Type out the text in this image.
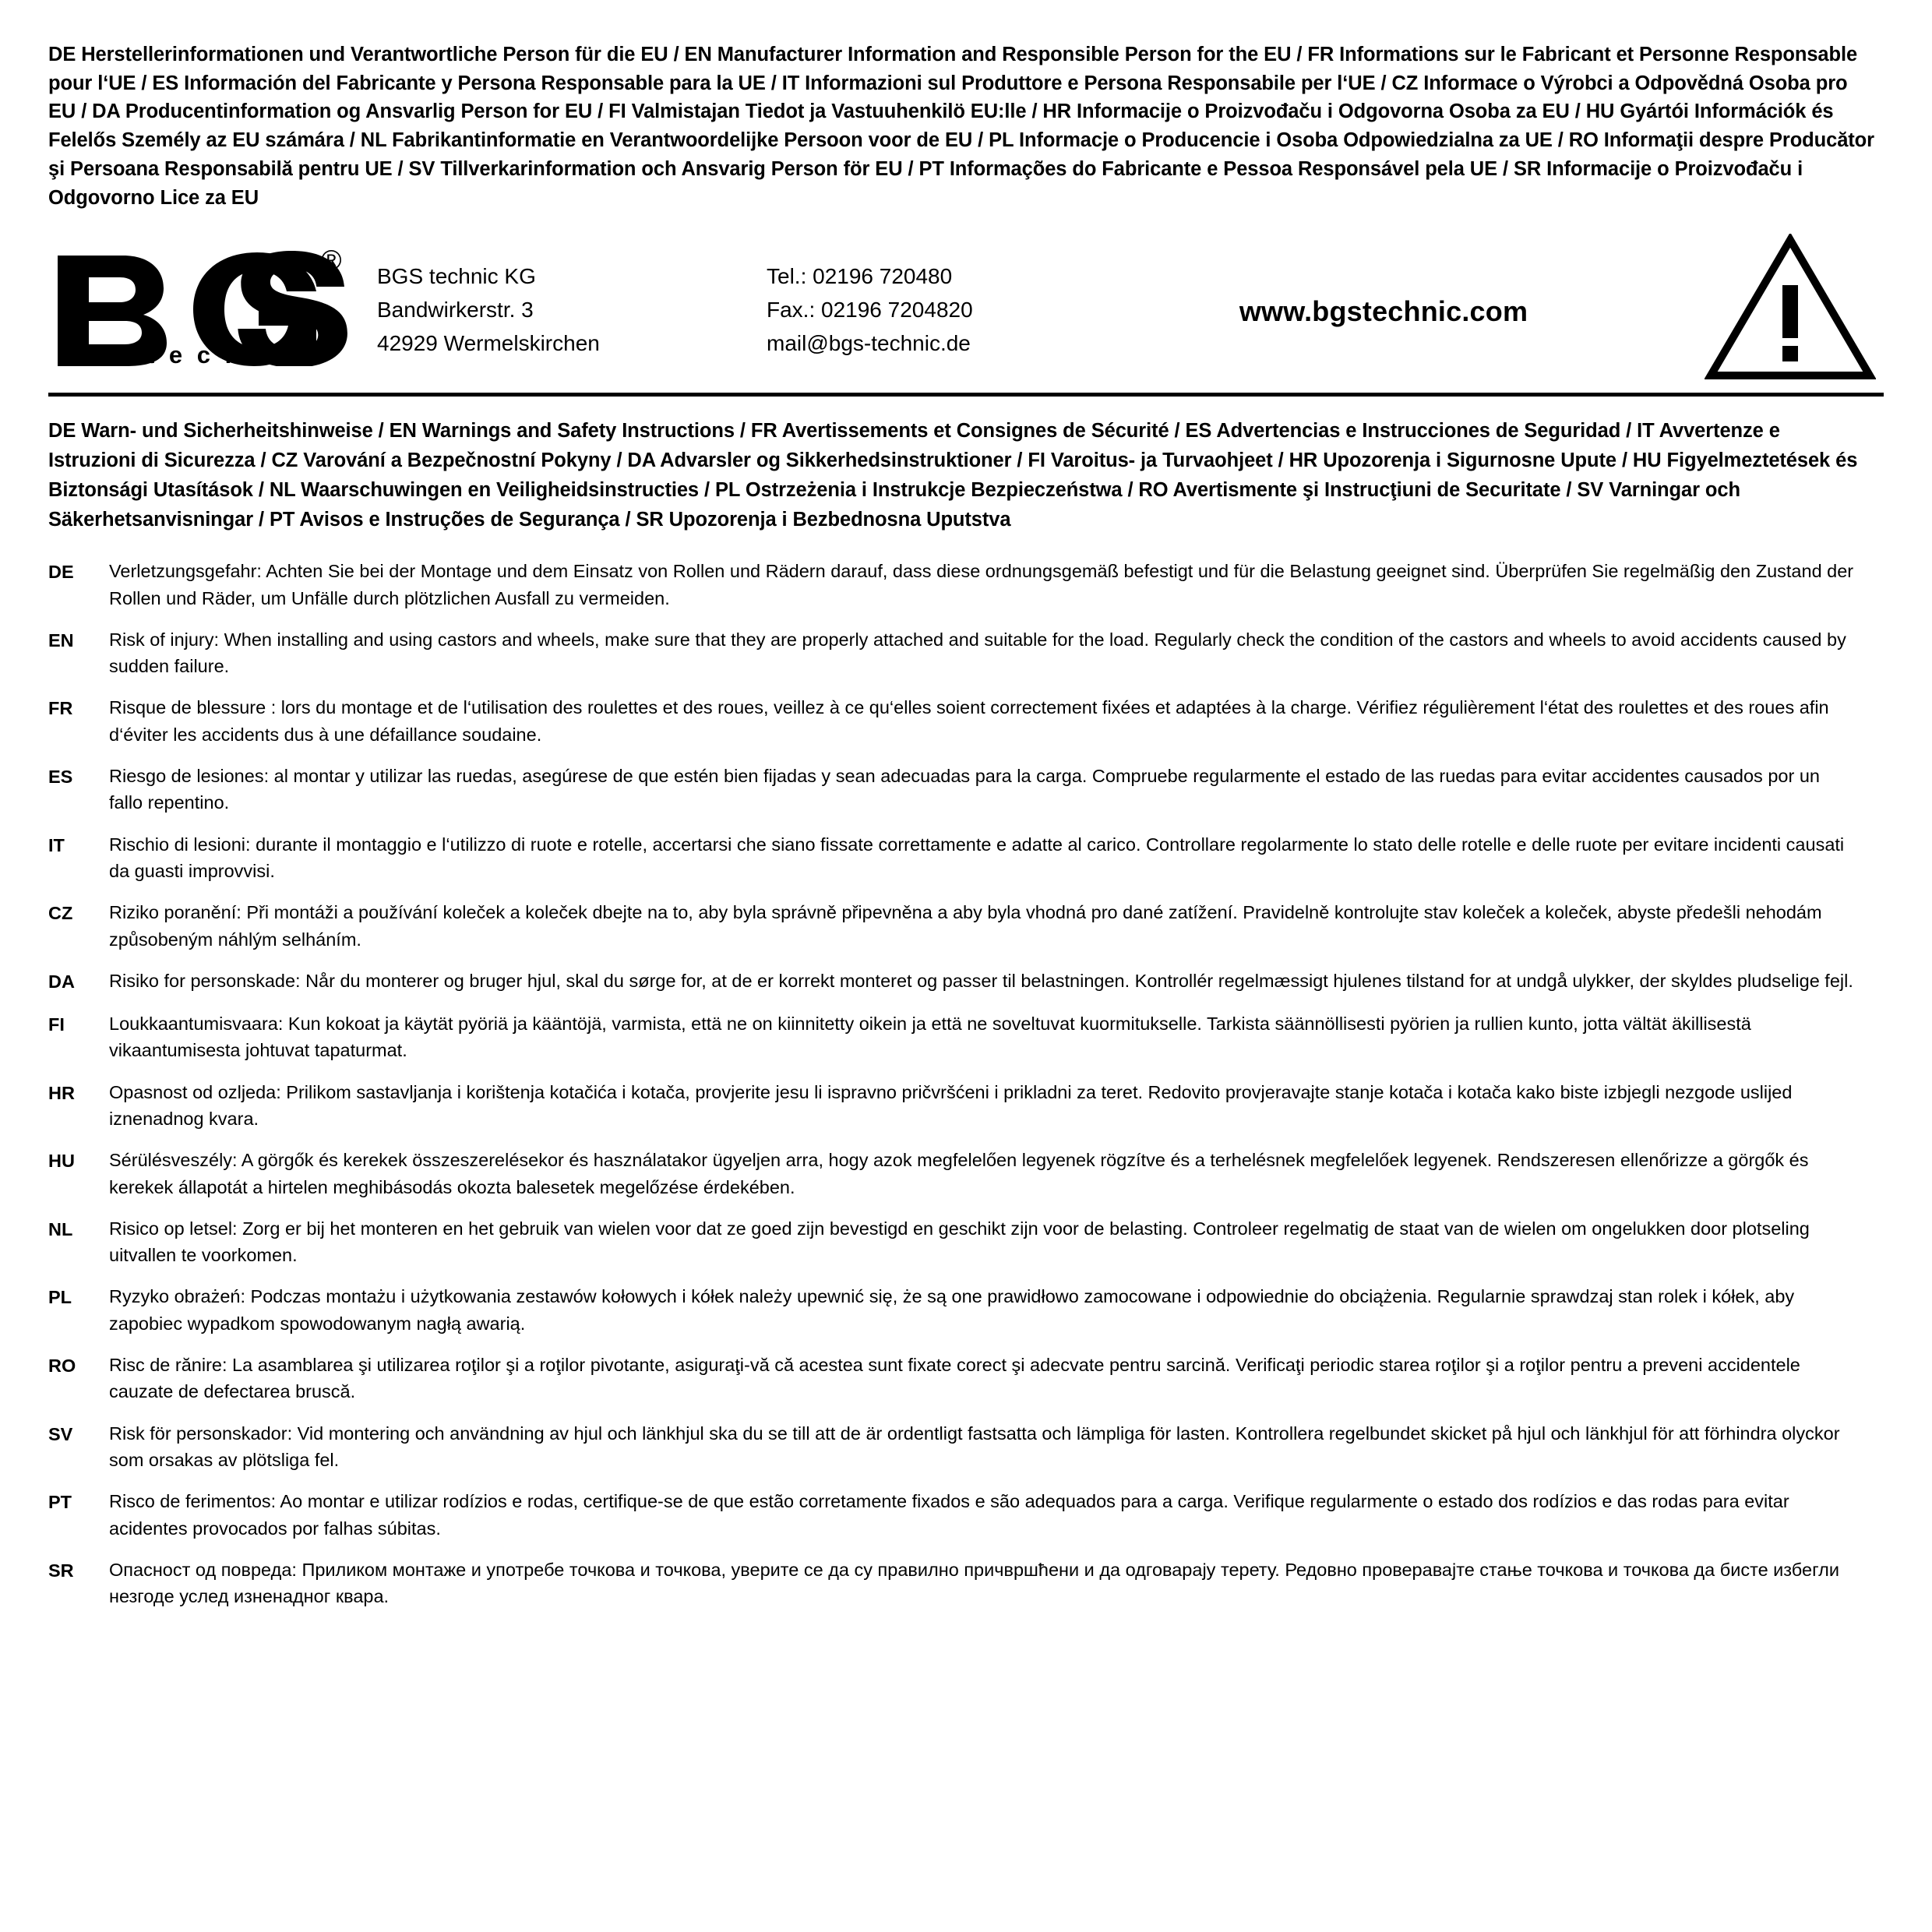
DE Herstellerinformationen und Verantwortliche Person für die EU / EN Manufacturer Information and Responsible Person for the EU / FR Informations sur le Fabricant et Personne Responsable pour l‘UE / ES Información del Fabricante y Persona Responsable para la UE / IT Informazioni sul Produttore e Persona Responsabile per l‘UE / CZ Informace o Výrobci a Odpovědná Osoba pro EU / DA Producentinformation og Ansvarlig Person for EU / FI Valmistajan Tiedot ja Vastuuhenkilö EU:lle / HR Informacije o Proizvođaču i Odgovorna Osoba za EU / HU Gyártói Információk és Felelős Személy az EU számára / NL Fabrikantinformatie en Verantwoordelijke Persoon voor de EU / PL Informacje o Producencie i Osoba Odpowiedzialna za UE / RO Informaţii despre Producător şi Persoana Responsabilă pentru UE / SV Tillverkarinformation och Ansvarig Person för EU / PT Informações do Fabricante e Pessoa Responsável pela UE / SR Informacije o Proizvođaču i Odgovorno Lice za EU
®
t e c h n i c
BGS technic KG
Bandwirkerstr. 3
42929 Wermelskirchen
Tel.: 02196 720480
Fax.: 02196 7204820
mail@bgs-technic.de
www.bgstechnic.com
DE Warn- und Sicherheitshinweise / EN Warnings and Safety Instructions / FR Avertissements et Consignes de Sécurité / ES Advertencias e Instrucciones de Seguridad / IT Avvertenze e Istruzioni di Sicurezza / CZ Varování a Bezpečnostní Pokyny / DA Advarsler og Sikkerhedsinstruktioner / FI Varoitus- ja Turvaohjeet / HR Upozorenja i Sigurnosne Upute / HU Figyelmeztetések és Biztonsági Utasítások / NL Waarschuwingen en Veiligheidsinstructies / PL Ostrzeżenia i Instrukcje Bezpieczeństwa / RO Avertismente şi Instrucţiuni de Securitate / SV Varningar och Säkerhetsanvisningar / PT Avisos e Instruções de Segurança / SR Upozorenja i Bezbednosna Uputstva
DE	Verletzungsgefahr: Achten Sie bei der Montage und dem Einsatz von Rollen und Rädern darauf, dass diese ordnungsgemäß befestigt und für die Belastung geeignet sind. Überprüfen Sie regelmäßig den Zustand der Rollen und Räder, um Unfälle durch plötzlichen Ausfall zu vermeiden.
EN	Risk of injury: When installing and using castors and wheels, make sure that they are properly attached and suitable for the load. Regularly check the condition of the castors and wheels to avoid accidents caused by sudden failure.
FR	Risque de blessure : lors du montage et de l‘utilisation des roulettes et des roues, veillez à ce qu‘elles soient correctement fixées et adaptées à la charge. Vérifiez régulièrement l‘état des roulettes et des roues afin d‘éviter les accidents dus à une défaillance soudaine.
ES	Riesgo de lesiones: al montar y utilizar las ruedas, asegúrese de que estén bien fijadas y sean adecuadas para la carga. Compruebe regularmente el estado de las ruedas para evitar accidentes causados por un fallo repentino.
IT	Rischio di lesioni: durante il montaggio e l‘utilizzo di ruote e rotelle, accertarsi che siano fissate correttamente e adatte al carico. Controllare regolarmente lo stato delle rotelle e delle ruote per evitare incidenti causati da guasti improvvisi.
CZ	Riziko poranění: Při montáži a používání koleček a koleček dbejte na to, aby byla správně připevněna a aby byla vhodná pro dané zatížení. Pravidelně kontrolujte stav koleček a koleček, abyste předešli nehodám způsobeným náhlým selháním.
DA	Risiko for personskade: Når du monterer og bruger hjul, skal du sørge for, at de er korrekt monteret og passer til belastningen. Kontrollér regelmæssigt hjulenes tilstand for at undgå ulykker, der skyldes pludselige fejl.
FI	Loukkaantumisvaara: Kun kokoat ja käytät pyöriä ja kääntöjä, varmista, että ne on kiinnitetty oikein ja että ne soveltuvat kuormitukselle. Tarkista säännöllisesti pyörien ja rullien kunto, jotta vältät äkillisestä vikaantumisesta johtuvat tapaturmat.
HR	Opasnost od ozljeda: Prilikom sastavljanja i korištenja kotačića i kotača, provjerite jesu li ispravno pričvršćeni i prikladni za teret. Redovito provjeravajte stanje kotača i kotača kako biste izbjegli nezgode uslijed iznenadnog kvara.
HU	Sérülésveszély: A görgők és kerekek összeszerelésekor és használatakor ügyeljen arra, hogy azok megfelelően legyenek rögzítve és a terhelésnek megfelelőek legyenek. Rendszeresen ellenőrizze a görgők és kerekek állapotát a hirtelen meghibásodás okozta balesetek megelőzése érdekében.
NL	Risico op letsel: Zorg er bij het monteren en het gebruik van wielen voor dat ze goed zijn bevestigd en geschikt zijn voor de belasting. Controleer regelmatig de staat van de wielen om ongelukken door plotseling uitvallen te voorkomen.
PL	Ryzyko obrażeń: Podczas montażu i użytkowania zestawów kołowych i kółek należy upewnić się, że są one prawidłowo zamocowane i odpowiednie do obciążenia. Regularnie sprawdzaj stan rolek i kółek, aby zapobiec wypadkom spowodowanym nagłą awarią.
RO	Risc de rănire: La asamblarea şi utilizarea roţilor şi a roţilor pivotante, asiguraţi-vă că acestea sunt fixate corect şi adecvate pentru sarcină. Verificaţi periodic starea roţilor şi a roţilor pentru a preveni accidentele cauzate de defectarea bruscă.
SV	Risk för personskador: Vid montering och användning av hjul och länkhjul ska du se till att de är ordentligt fastsatta och lämpliga för lasten. Kontrollera regelbundet skicket på hjul och länkhjul för att förhindra olyckor som orsakas av plötsliga fel.
PT	Risco de ferimentos: Ao montar e utilizar rodízios e rodas, certifique-se de que estão corretamente fixados e são adequados para a carga. Verifique regularmente o estado dos rodízios e das rodas para evitar acidentes provocados por falhas súbitas.
SR	Опасност од повреда: Приликом монтаже и употребе точкова и точкова, уверите се да су правилно причвршћени и да одговарају терету. Редовно проверавајте стање точкова и точкова да бисте избегли незгоде услед изненадног квара.
